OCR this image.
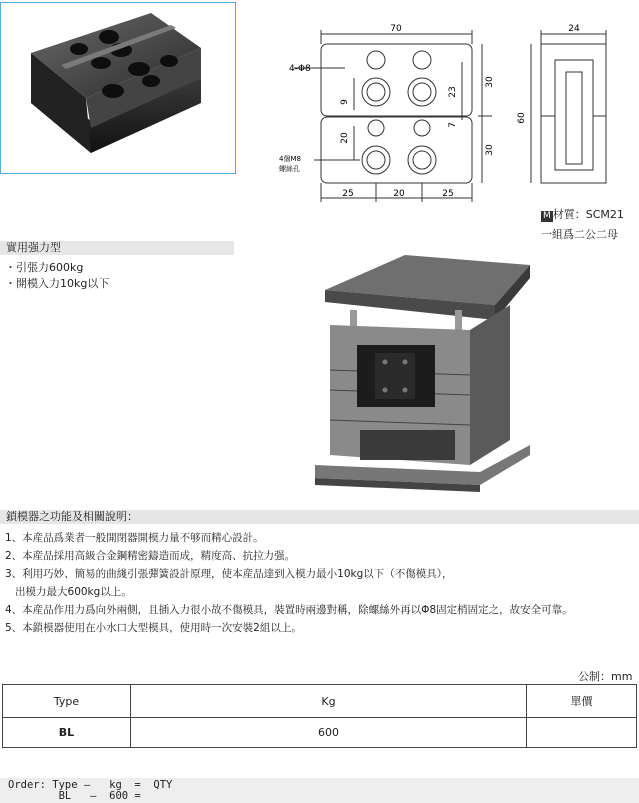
70	24
60
30
30
23
9
20
7
25	20	25
4-Φ8
4個M8
螺絲孔
M 材質：SCM21
一組爲二公二母
實用强力型
・引張力600kg
・開模入力10kg以下
鎖模器之功能及相關說明：
1、本産品爲業者一般開閉器開模力量不够而精心設計。
2、本産品採用高級合金鋼精密鑄造而成，精度高、抗拉力强。
3、利用巧妙、簡易的曲綫引張彈簧設計原理，使本産品達到入模力最小10kg以下（不傷模具），
出模力最大600kg以上。
4、本産品作用力爲向外兩側，且插入力很小故不傷模具，裝置時兩邊對稱，除螺絲外再以Φ8固定梢固定之，故安全可靠。
5、本鎖模器使用在小水口大型模具，使用時一次安裝2組以上。
公制：mm
Type	Kg	單價
BL	600	
Order: Type –   kg  =  QTY
BL   –  600 =
